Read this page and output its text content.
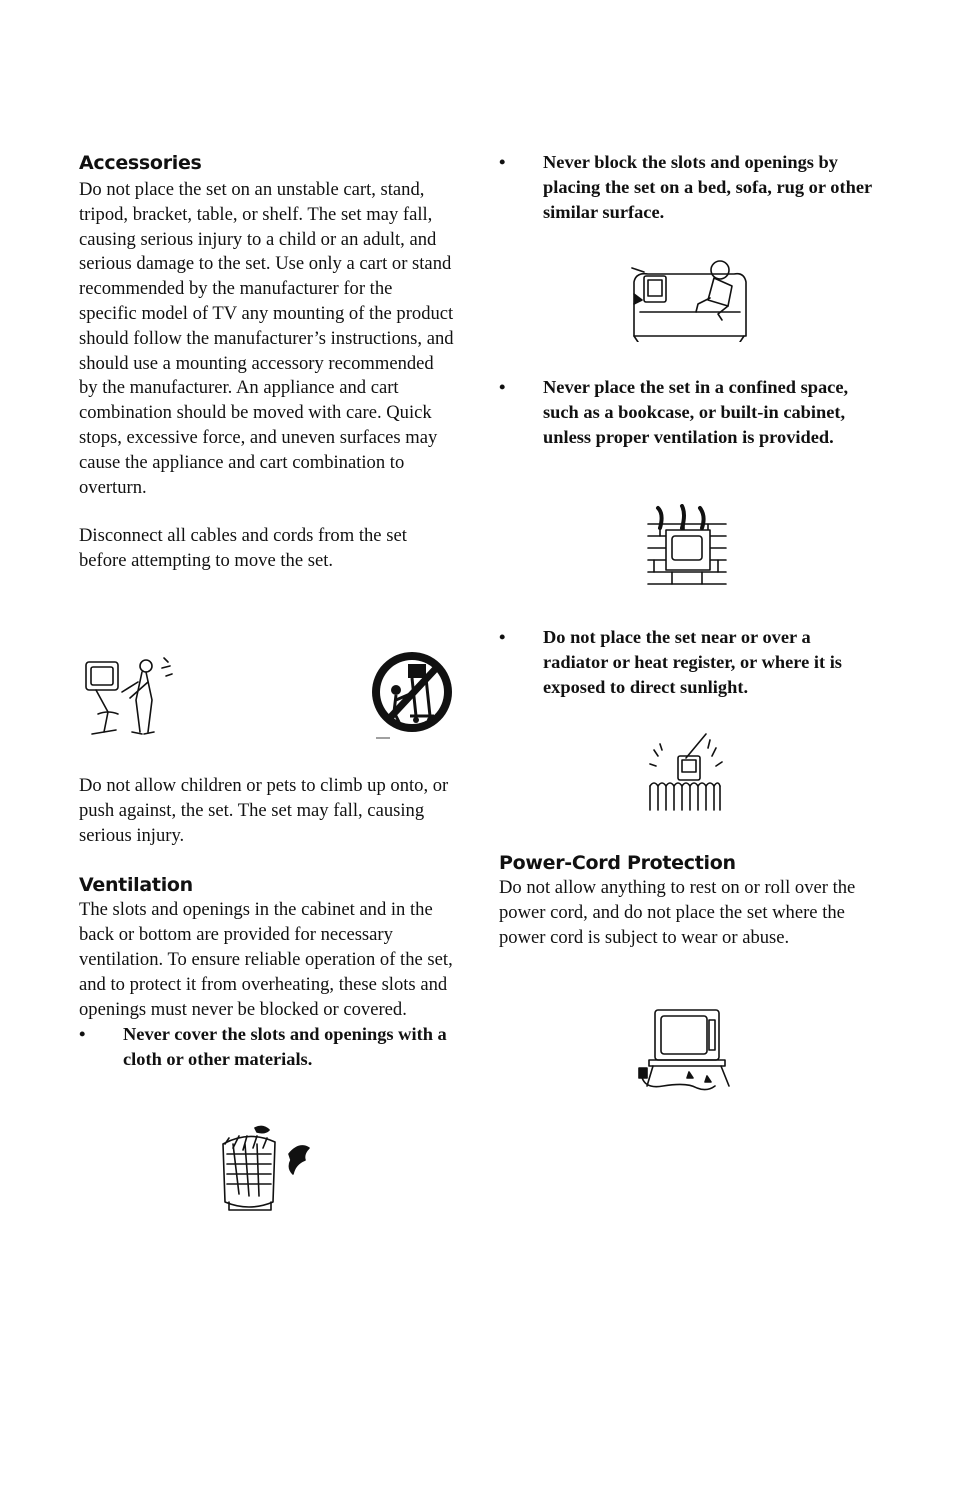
Accessories

Do not place the set on an unstable cart, stand, tripod, bracket, table, or shelf. The set may fall, causing serious injury to a child or an adult, and serious damage to the set. Use only a cart or stand recommended by the manufacturer for the specific model of TV any mounting of the product should follow the manufacturer’s instructions, and should use a mounting accessory recommended by the manufacturer. An appliance and cart combination should be moved with care. Quick stops, excessive force, and uneven surfaces may cause the appliance and cart combination to overturn.

Disconnect all cables and cords from the set before attempting to move the set.

Do not allow children or pets to climb up onto, or push against, the set. The set may fall, causing serious injury.

Ventilation

The slots and openings in the cabinet and in the back or bottom are provided for necessary ventilation. To ensure reliable operation of the set, and to protect it from overheating, these slots and openings must never be blocked or covered.

• Never cover the slots and openings with a cloth or other materials.
• Never block the slots and openings by placing the set on a bed, sofa, rug or other similar surface.
• Never place the set in a confined space, such as a bookcase, or built-in cabinet, unless proper ventilation is provided.
• Do not place the set near or over a radiator or heat register, or where it is exposed to direct sunlight.
Power-Cord Protection

Do not allow anything to rest on or roll over the power cord, and do not place the set where the power cord is subject to wear or abuse.
